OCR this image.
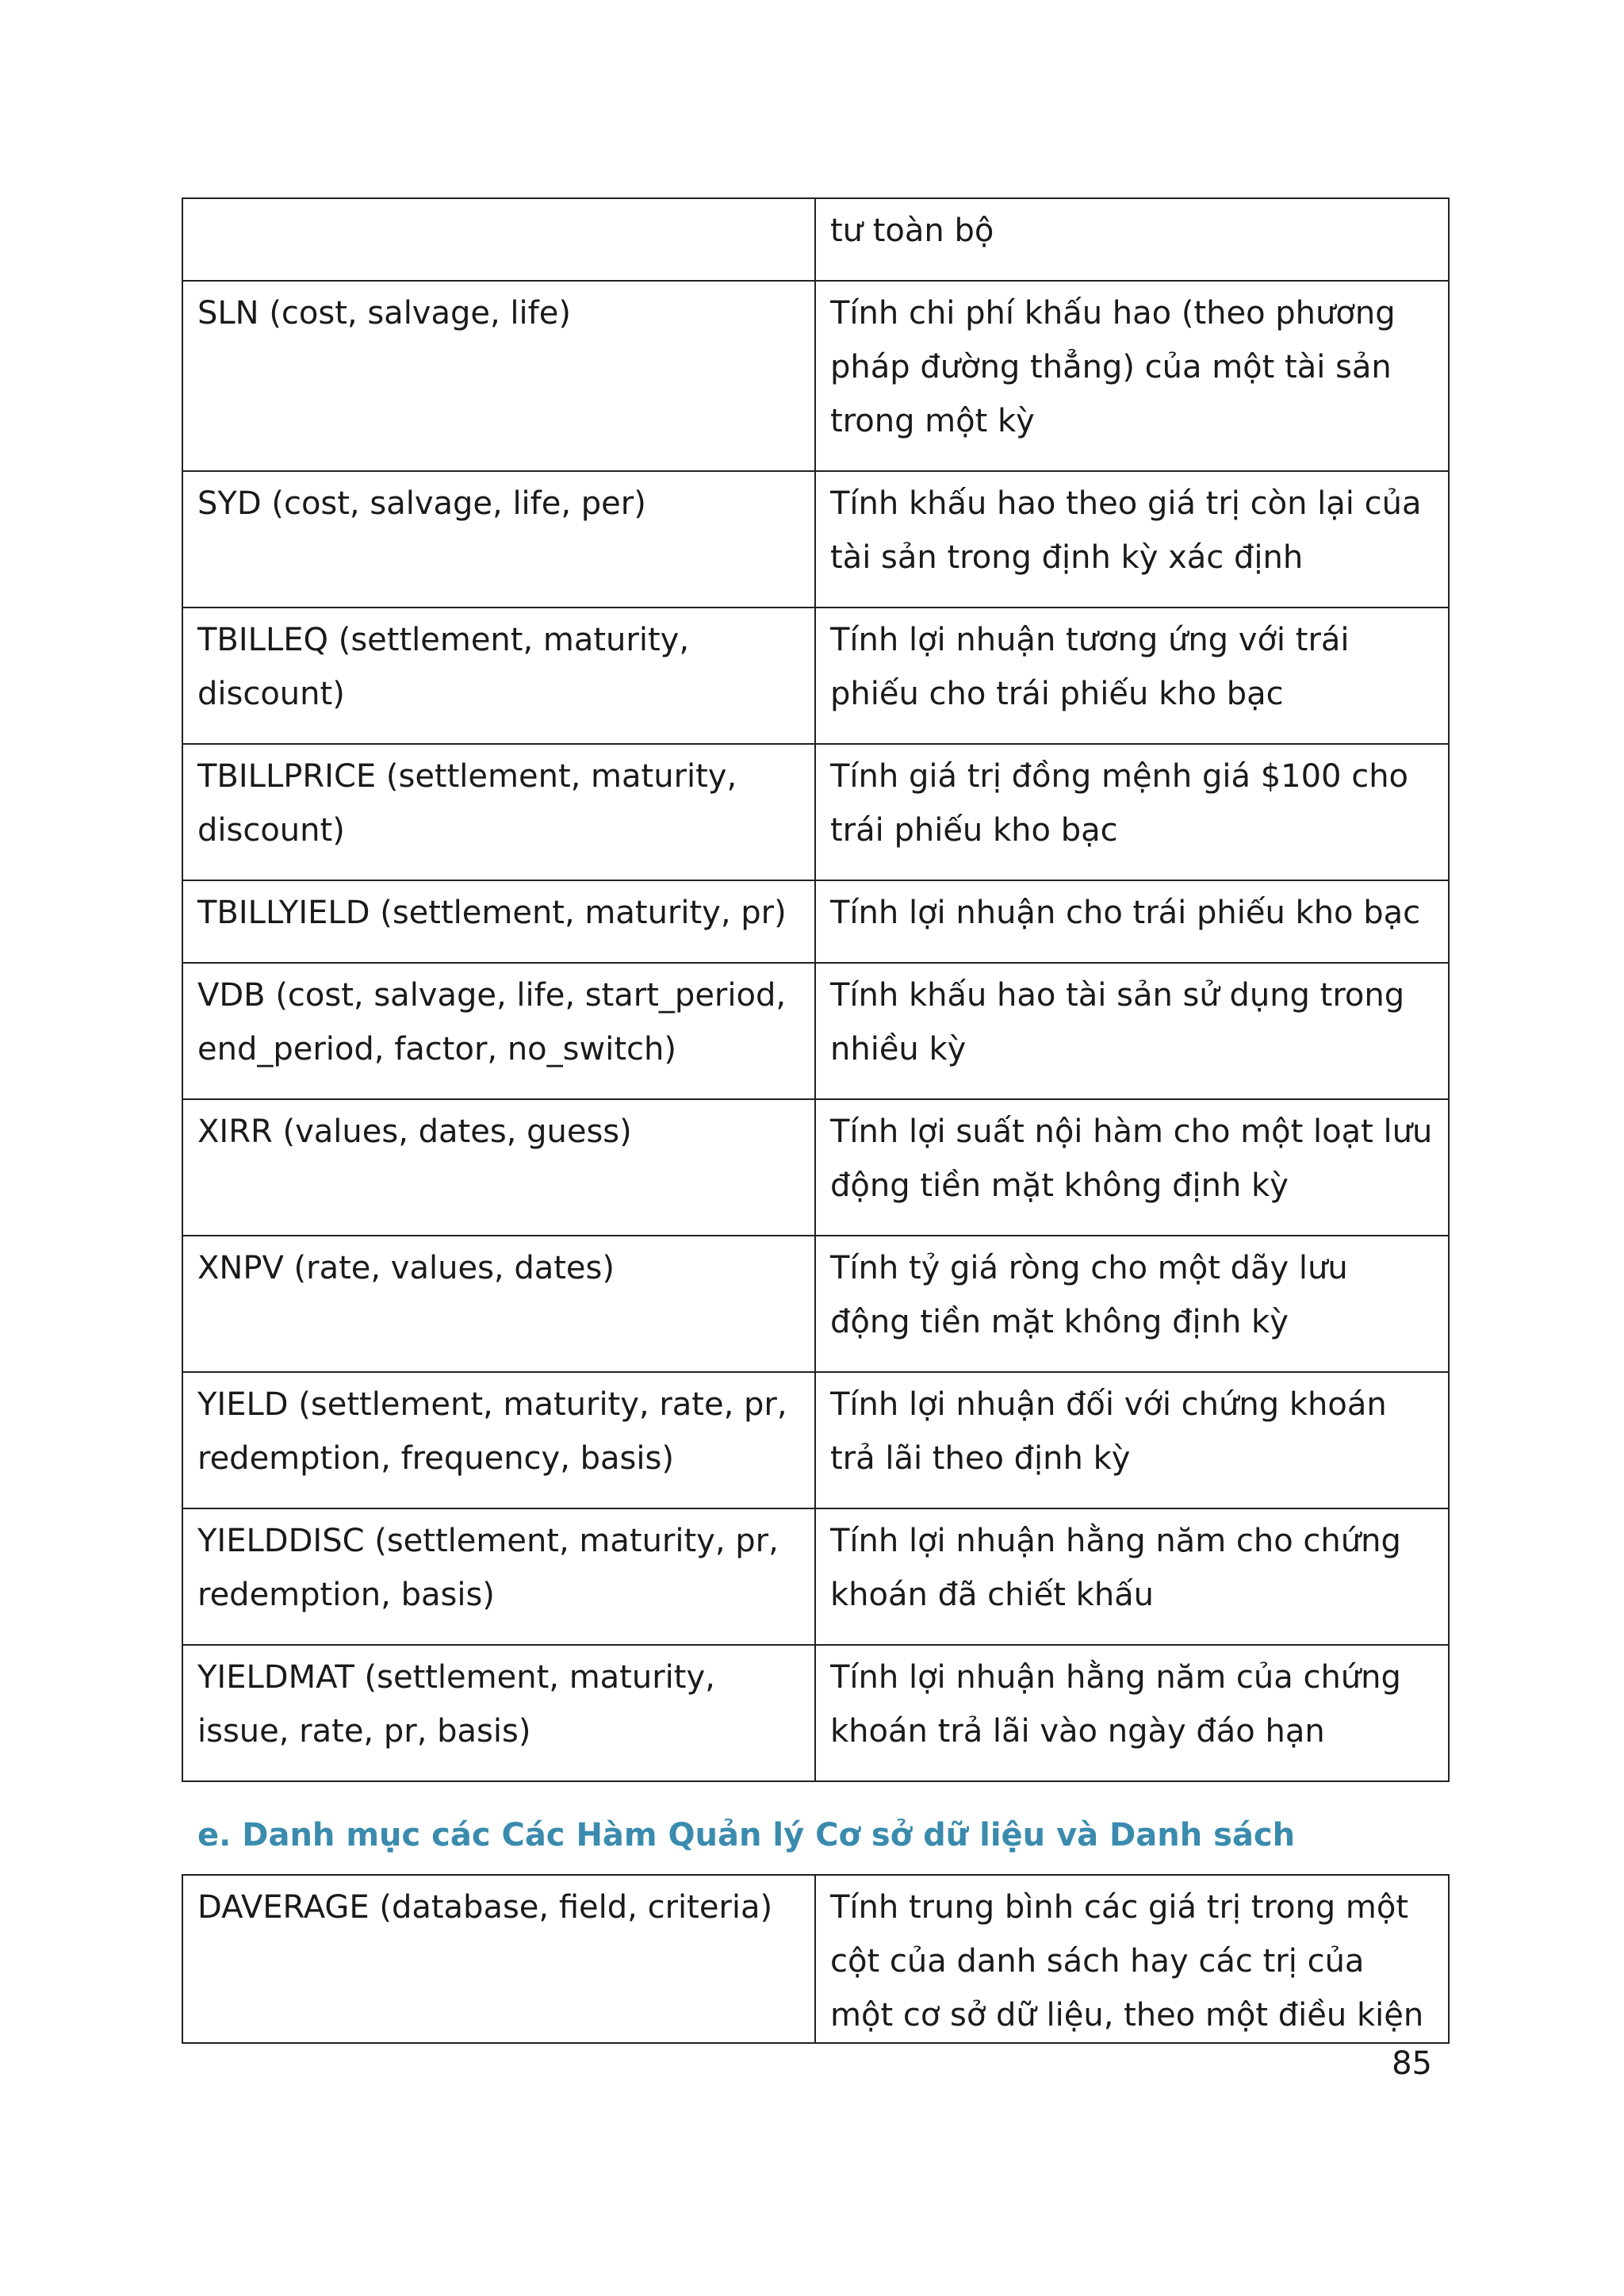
	tư toàn bộ
SLN (cost, salvage, life)	Tính chi phí khấu hao (theo phương pháp đường thẳng) của một tài sản trong một kỳ
SYD (cost, salvage, life, per)	Tính khấu hao theo giá trị còn lại của tài sản trong định kỳ xác định
TBILLEQ (settlement, maturity, discount)	Tính lợi nhuận tương ứng với trái phiếu cho trái phiếu kho bạc
TBILLPRICE (settlement, maturity, discount)	Tính giá trị đồng mệnh giá $100 cho trái phiếu kho bạc
TBILLYIELD (settlement, maturity, pr)	Tính lợi nhuận cho trái phiếu kho bạc
VDB (cost, salvage, life, start_period, end_period, factor, no_switch)	Tính khấu hao tài sản sử dụng trong nhiều kỳ
XIRR (values, dates, guess)	Tính lợi suất nội hàm cho một loạt lưu động tiền mặt không định kỳ
XNPV (rate, values, dates)	Tính tỷ giá ròng cho một dãy lưu động tiền mặt không định kỳ
YIELD (settlement, maturity, rate, pr, redemption, frequency, basis)	Tính lợi nhuận đối với chứng khoán trả lãi theo định kỳ
YIELDDISC (settlement, maturity, pr, redemption, basis)	Tính lợi nhuận hằng năm cho chứng khoán đã chiết khấu
YIELDMAT (settlement, maturity, issue, rate, pr, basis)	Tính lợi nhuận hằng năm của chứng khoán trả lãi vào ngày đáo hạn
e. Danh mục các Các Hàm Quản lý Cơ sở dữ liệu và Danh sách
DAVERAGE (database, field, criteria)	Tính trung bình các giá trị trong một cột của danh sách hay các trị của một cơ sở dữ liệu, theo một điều kiện
85
